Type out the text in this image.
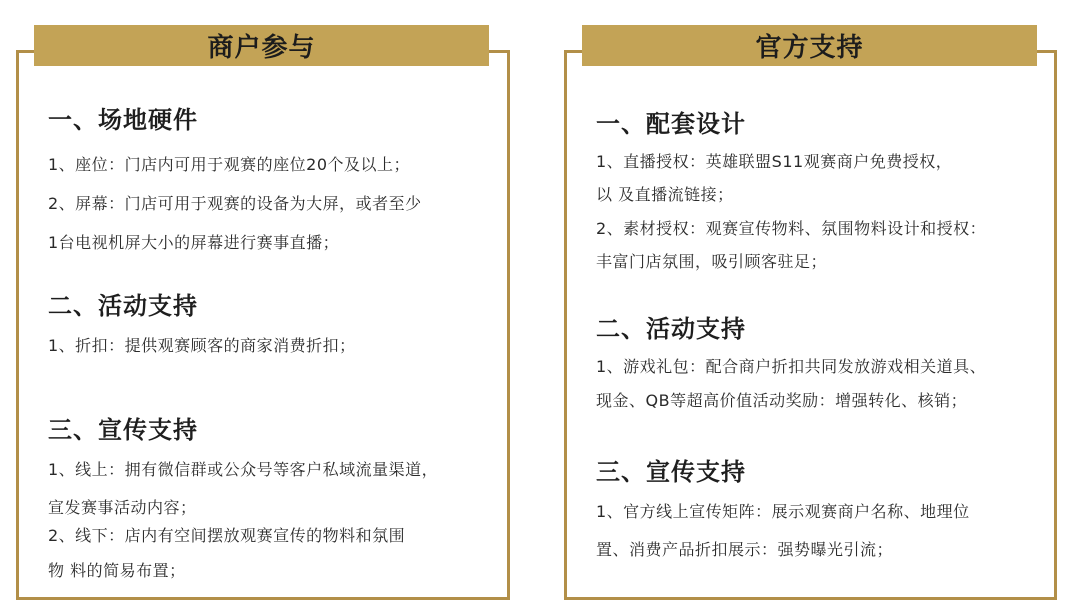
商户参与
一、场地硬件
1、座位：门店内可用于观赛的座位20个及以上；
2、屏幕：门店可用于观赛的设备为大屏，或者至少
1台电视机屏大小的屏幕进行赛事直播；
二、活动支持
1、折扣：提供观赛顾客的商家消费折扣；
三、宣传支持
1、线上：拥有微信群或公众号等客户私域流量渠道，
宣发赛事活动内容；
2、线下：店内有空间摆放观赛宣传的物料和氛围
物 料的简易布置；
官方支持
一、配套设计
1、直播授权：英雄联盟S11观赛商户免费授权，
以 及直播流链接；
2、素材授权：观赛宣传物料、氛围物料设计和授权：
丰富门店氛围，吸引顾客驻足；
二、活动支持
1、游戏礼包：配合商户折扣共同发放游戏相关道具、
现金、QB等超高价值活动奖励：增强转化、核销；
三、宣传支持
1、官方线上宣传矩阵：展示观赛商户名称、地理位
置、消费产品折扣展示：强势曝光引流；
